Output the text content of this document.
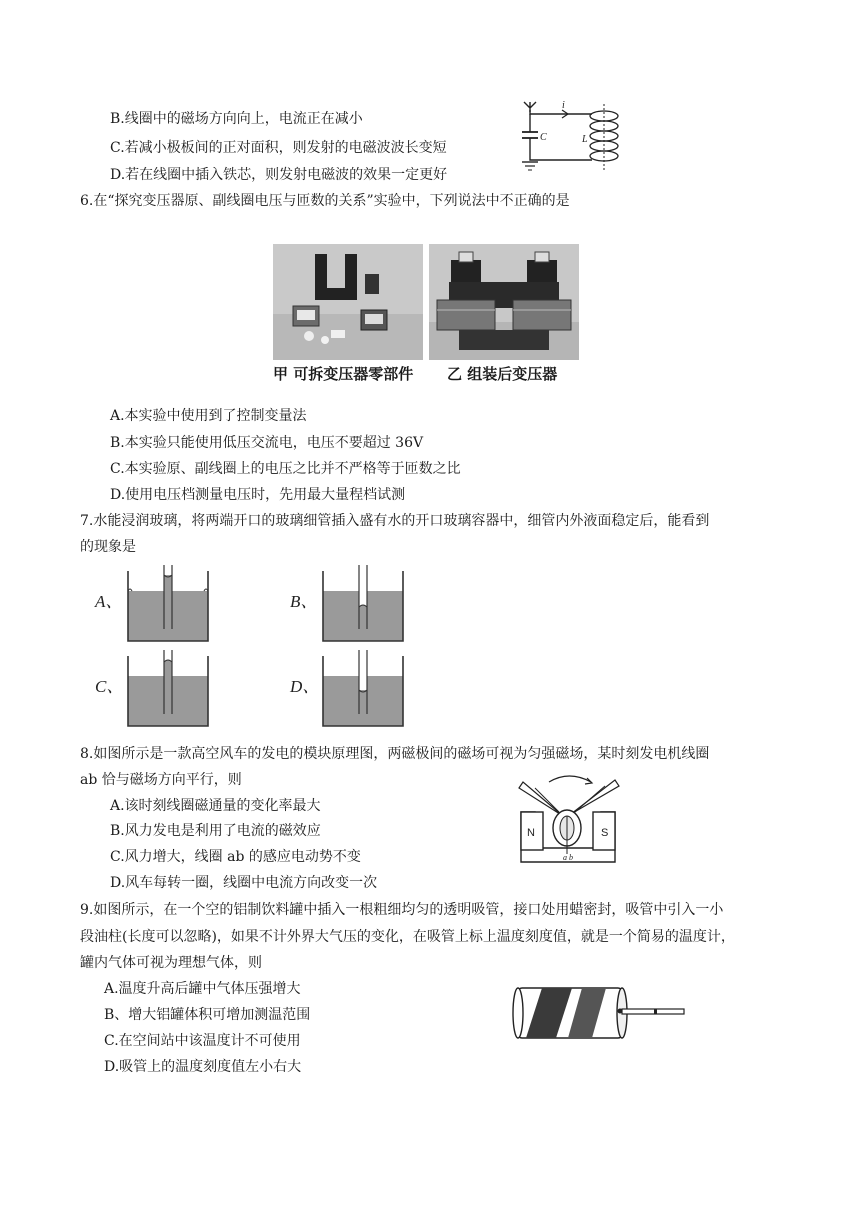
B.线圈中的磁场方向向上，电流正在减小
C.若减小极板间的正对面积，则发射的电磁波波长变短
D.若在线圈中插入铁芯，则发射电磁波的效果一定更好
C
i
L
6.在“探究变压器原、副线圈电压与匝数的关系”实验中，下列说法中不正确的是
甲 可拆变压器零部件 乙 组装后变压器
A.本实验中使用到了控制变量法
B.本实验只能使用低压交流电，电压不要超过 36V
C.本实验原、副线圈上的电压之比并不严格等于匝数之比
D.使用电压档测量电压时，先用最大量程档试测
7.水能浸润玻璃，将两端开口的玻璃细管插入盛有水的开口玻璃容器中，细管内外液面稳定后，能看到
的现象是
A、	B、
C、	D、
8.如图所示是一款高空风车的发电的模块原理图，两磁极间的磁场可视为匀强磁场，某时刻发电机线圈
ab 恰与磁场方向平行，则
A.该时刻线圈磁通量的变化率最大
B.风力发电是利用了电流的磁效应
C.风力增大，线圈 ab 的感应电动势不变
D.风车每转一圈，线圈中电流方向改变一次
N	S
a b
9.如图所示，在一个空的铝制饮料罐中插入一根粗细均匀的透明吸管，接口处用蜡密封，吸管中引入一小
段油柱(长度可以忽略)，如果不计外界大气压的变化，在吸管上标上温度刻度值，就是一个简易的温度计，
罐内气体可视为理想气体，则
A.温度升高后罐中气体压强增大
B、增大铝罐体积可增加测温范围
C.在空间站中该温度计不可使用
D.吸管上的温度刻度值左小右大
